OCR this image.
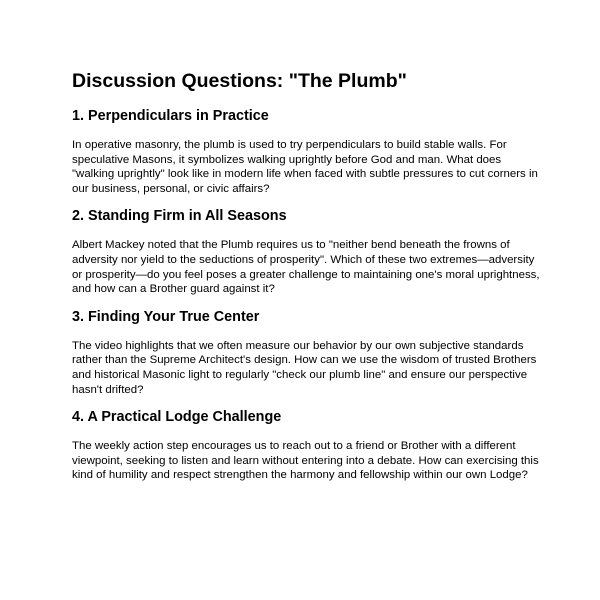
Discussion Questions: "The Plumb"
1. Perpendiculars in Practice

In operative masonry, the plumb is used to try perpendiculars to build stable walls. For speculative Masons, it symbolizes walking uprightly before God and man. What does "walking uprightly" look like in modern life when faced with subtle pressures to cut corners in our business, personal, or civic affairs?

2. Standing Firm in All Seasons

Albert Mackey noted that the Plumb requires us to "neither bend beneath the frowns of adversity nor yield to the seductions of prosperity". Which of these two extremes—adversity or prosperity—do you feel poses a greater challenge to maintaining one's moral uprightness, and how can a Brother guard against it?

3. Finding Your True Center

The video highlights that we often measure our behavior by our own subjective standards rather than the Supreme Architect's design. How can we use the wisdom of trusted Brothers and historical Masonic light to regularly "check our plumb line" and ensure our perspective hasn't drifted?

4. A Practical Lodge Challenge

The weekly action step encourages us to reach out to a friend or Brother with a different viewpoint, seeking to listen and learn without entering into a debate. How can exercising this kind of humility and respect strengthen the harmony and fellowship within our own Lodge?
